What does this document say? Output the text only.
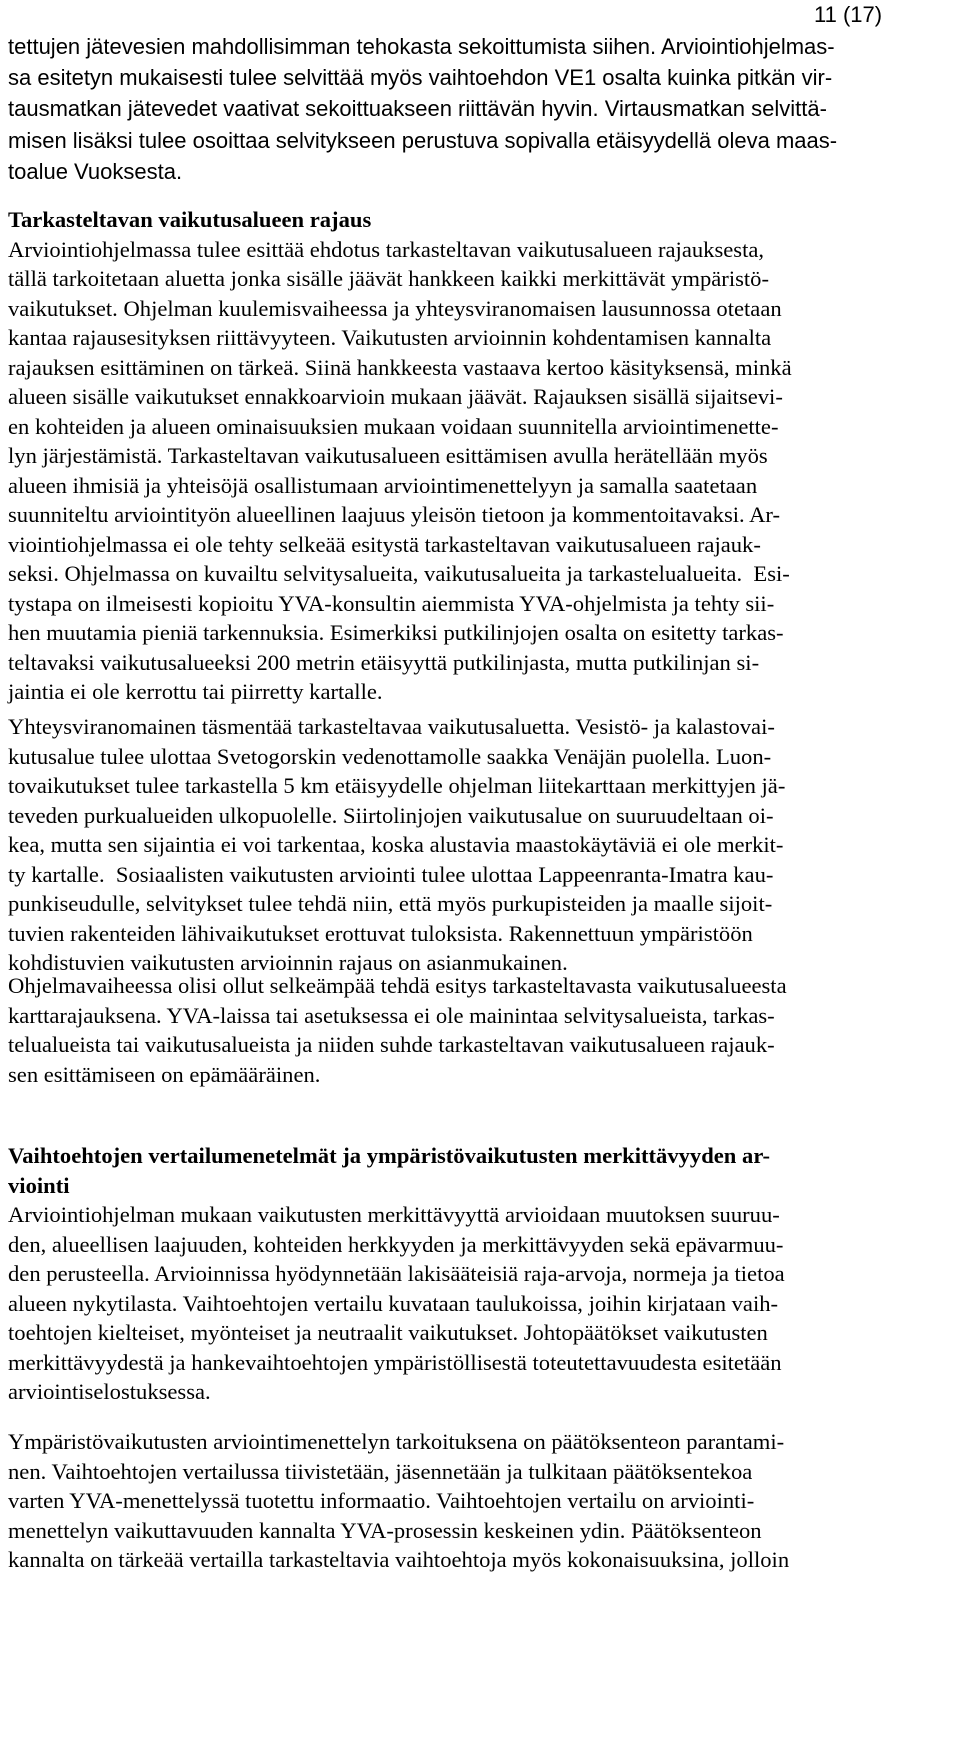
11 (17)
tettujen jätevesien mahdollisimman tehokasta sekoittumista siihen. Arviointiohjelmas-
sa esitetyn mukaisesti tulee selvittää myös vaihtoehdon VE1 osalta kuinka pitkän vir-
tausmatkan jätevedet vaativat sekoittuakseen riittävän hyvin. Virtausmatkan selvittä-
misen lisäksi tulee osoittaa selvitykseen perustuva sopivalla etäisyydellä oleva maas-
toalue Vuoksesta.
Tarkasteltavan vaikutusalueen rajaus
Arviointiohjelmassa tulee esittää ehdotus tarkasteltavan vaikutusalueen rajauksesta,
tällä tarkoitetaan aluetta jonka sisälle jäävät hankkeen kaikki merkittävät ympäristö-
vaikutukset. Ohjelman kuulemisvaiheessa ja yhteysviranomaisen lausunnossa otetaan
kantaa rajausesityksen riittävyyteen. Vaikutusten arvioinnin kohdentamisen kannalta
rajauksen esittäminen on tärkeä. Siinä hankkeesta vastaava kertoo käsityksensä, minkä
alueen sisälle vaikutukset ennakkoarvioin mukaan jäävät. Rajauksen sisällä sijaitsevi-
en kohteiden ja alueen ominaisuuksien mukaan voidaan suunnitella arviointimenette-
lyn järjestämistä. Tarkasteltavan vaikutusalueen esittämisen avulla herätellään myös
alueen ihmisiä ja yhteisöjä osallistumaan arviointimenettelyyn ja samalla saatetaan
suunniteltu arviointityön alueellinen laajuus yleisön tietoon ja kommentoitavaksi. Ar-
viointiohjelmassa ei ole tehty selkeää esitystä tarkasteltavan vaikutusalueen rajauk-
seksi. Ohjelmassa on kuvailtu selvitysalueita, vaikutusalueita ja tarkastelualueita.  Esi-
tystapa on ilmeisesti kopioitu YVA-konsultin aiemmista YVA-ohjelmista ja tehty sii-
hen muutamia pieniä tarkennuksia. Esimerkiksi putkilinjojen osalta on esitetty tarkas-
teltavaksi vaikutusalueeksi 200 metrin etäisyyttä putkilinjasta, mutta putkilinjan si-
jaintia ei ole kerrottu tai piirretty kartalle.
Yhteysviranomainen täsmentää tarkasteltavaa vaikutusaluetta. Vesistö- ja kalastovai-
kutusalue tulee ulottaa Svetogorskin vedenottamolle saakka Venäjän puolella. Luon-
tovaikutukset tulee tarkastella 5 km etäisyydelle ohjelman liitekarttaan merkittyjen jä-
teveden purkualueiden ulkopuolelle. Siirtolinjojen vaikutusalue on suuruudeltaan oi-
kea, mutta sen sijaintia ei voi tarkentaa, koska alustavia maastokäytäviä ei ole merkit-
ty kartalle.  Sosiaalisten vaikutusten arviointi tulee ulottaa Lappeenranta-Imatra kau-
punkiseudulle, selvitykset tulee tehdä niin, että myös purkupisteiden ja maalle sijoit-
tuvien rakenteiden lähivaikutukset erottuvat tuloksista. Rakennettuun ympäristöön
kohdistuvien vaikutusten arvioinnin rajaus on asianmukainen.
Ohjelmavaiheessa olisi ollut selkeämpää tehdä esitys tarkasteltavasta vaikutusalueesta
karttarajauksena. YVA-laissa tai asetuksessa ei ole mainintaa selvitysalueista, tarkas-
telualueista tai vaikutusalueista ja niiden suhde tarkasteltavan vaikutusalueen rajauk-
sen esittämiseen on epämääräinen.
Vaihtoehtojen vertailumenetelmät ja ympäristövaikutusten merkittävyyden ar-
viointi
Arviointiohjelman mukaan vaikutusten merkittävyyttä arvioidaan muutoksen suuruu-
den, alueellisen laajuuden, kohteiden herkkyyden ja merkittävyyden sekä epävarmuu-
den perusteella. Arvioinnissa hyödynnetään lakisääteisiä raja-arvoja, normeja ja tietoa
alueen nykytilasta. Vaihtoehtojen vertailu kuvataan taulukoissa, joihin kirjataan vaih-
toehtojen kielteiset, myönteiset ja neutraalit vaikutukset. Johtopäätökset vaikutusten
merkittävyydestä ja hankevaihtoehtojen ympäristöllisestä toteutettavuudesta esitetään
arviointiselostuksessa.
Ympäristövaikutusten arviointimenettelyn tarkoituksena on päätöksenteon parantami-
nen. Vaihtoehtojen vertailussa tiivistetään, jäsennetään ja tulkitaan päätöksentekoa
varten YVA-menettelyssä tuotettu informaatio. Vaihtoehtojen vertailu on arviointi-
menettelyn vaikuttavuuden kannalta YVA-prosessin keskeinen ydin. Päätöksenteon
kannalta on tärkeää vertailla tarkasteltavia vaihtoehtoja myös kokonaisuuksina, jolloin
